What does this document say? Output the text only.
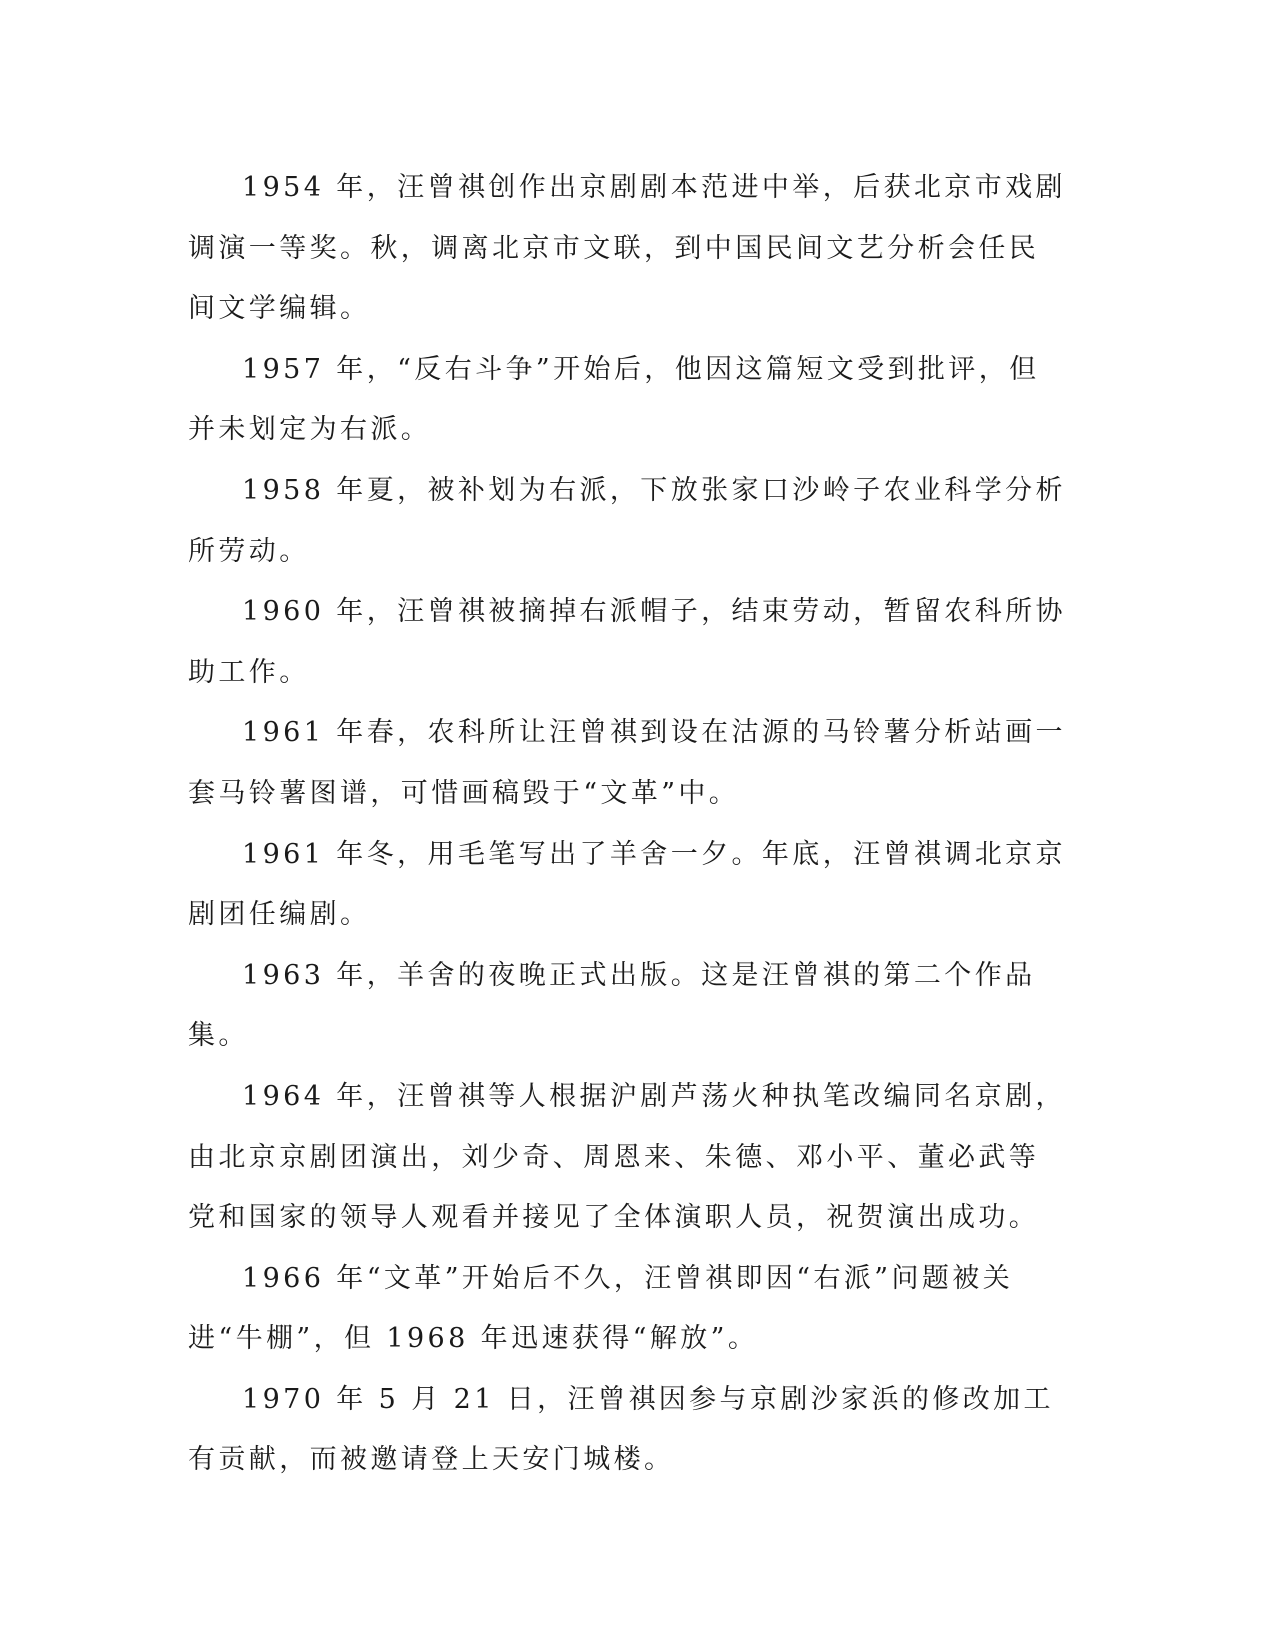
1954 年，汪曾祺创作出京剧剧本范进中举，后获北京市戏剧调演一等奖。秋，调离北京市文联，到中国民间文艺分析会任民间文学编辑。

1957 年，“反右斗争”开始后，他因这篇短文受到批评，但并未划定为右派。

1958 年夏，被补划为右派，下放张家口沙岭子农业科学分析所劳动。

1960 年，汪曾祺被摘掉右派帽子，结束劳动，暂留农科所协助工作。

1961 年春，农科所让汪曾祺到设在沽源的马铃薯分析站画一套马铃薯图谱，可惜画稿毁于“文革”中。

1961 年冬，用毛笔写出了羊舍一夕。年底，汪曾祺调北京京剧团任编剧。

1963 年，羊舍的夜晚正式出版。这是汪曾祺的第二个作品集。

1964 年，汪曾祺等人根据沪剧芦荡火种执笔改编同名京剧，由北京京剧团演出，刘少奇、周恩来、朱德、邓小平、董必武等党和国家的领导人观看并接见了全体演职人员，祝贺演出成功。

1966 年“文革”开始后不久，汪曾祺即因“右派”问题被关进“牛棚”，但 1968 年迅速获得“解放”。

1970 年 5 月 21 日，汪曾祺因参与京剧沙家浜的修改加工有贡献，而被邀请登上天安门城楼。
